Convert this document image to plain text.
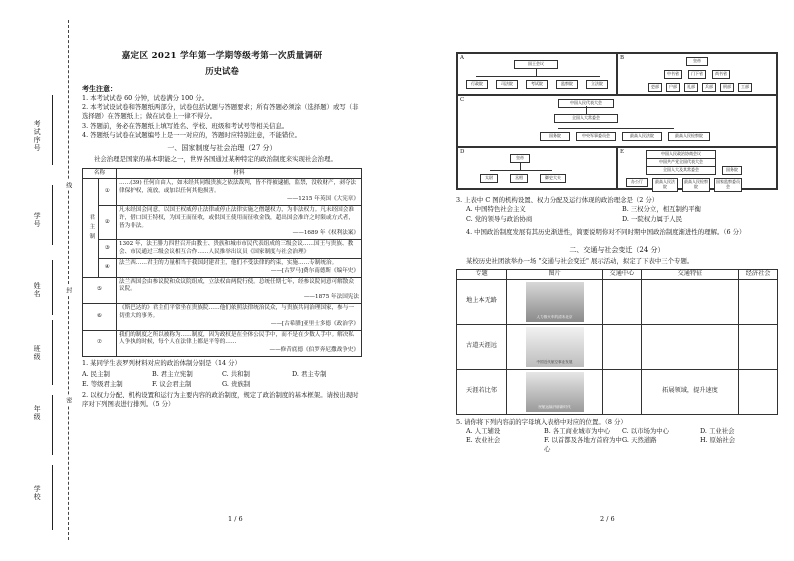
考试序号
学号
姓名
班级
年级
学校
线
封
密
嘉定区 2021 学年第一学期等级考第一次质量调研
历史试卷
考生注意：

1. 本考试试卷 60 分钟，试卷满分 100 分。

2. 本考试设试卷和答题纸两部分，试卷包括试题与答题要求；所有答题必须涂（选择题）或写（非选择题）在答题纸上；做在试卷上一律不得分。

3. 答题前，务必在答题纸上填写姓名、学校、班级和考试号等相关信息。

4. 答题纸与试卷在试题编号上是一一对应的，答题时应特别注意，不能错位。

一、国家制度与社会治理（27 分）

社会治理是国家的基本职能之一，世界各国通过某种特定的政治制度来实现社会治理。

名称		材料
君主制	①	……(39) 任何自由人，如未经其同级贵族之依法裁判，皆不得被逮捕，监禁，没收财产，剥夺法律保护权，流放，或加以任何其他损害。
——1215 年英国《大宪章》

	②	凡未经国会同意，以国王权威停止法律或停止法律实施之僭越权力，为非法权力。凡未经国会准许，借口国王特权，为国王而征收，或供国王使用而征收金钱，超出国会准许之时限或方式者，皆为非法。
——1689 年《权利法案》

	③	1302 年，法王腓力四世召开由教士、贵族和城市市民代表组成的三级会议……国王与贵族、教会、市民通过三级会议相互合作……人民推举出议员《国家制度与社会治理》
	④	法兰西……君主的力量相当于我国封建君主，他们不受法律的约束，实施……专制统治。
——[古罗马]费尔南德斯《编年史》

⑤		法兰西国会由参议院和众议院组成，立法权由两院行使。总统任期七年，经参议院同意可解散众议院。
——1875 年法国宪法

⑥		《斯巴达的》君主们平常坐在贵族院……他们依照法律统治民众，与贵族共同治理国家，参与一切重大的事务。
——[古希腊]亚里士多德《政治学》

⑦		我们的制度之所以被称为……制度，因为政权是在全体公民手中，而不是在少数人手中。解决私人争执的时候，每个人在法律上都是平等的……
——修昔底德《伯罗奔尼撒战争史》

1. 某同学生表罗列材料对应的政治体制分别是（14 分）

A. 民主制	B. 君主立宪制	C. 共和制	D. 君主专制
E. 等级君主制	F. 议会君主制	G. 贵族制

2. 以权力分配、机构设置和运行为主要内容的政治制度，规定了政治制度的基本框架。请按出现时序对下列图表进行排列。（5 分）

1 / 6
A
国王会议
行政院	司法院	考试院	监察院	立法院
B	皇帝
中书省	门下省	尚书省
吏部	户部	礼部	兵部	刑部	工部
C	中国人民代表大会
全国人大常委会
国务院	中央军事委员会	最高人民法院	最高人民检察院
D
皇帝
太尉	丞相	御史大夫
E	中国人民政治协商会议
中国共产党全国代表大会
全国人大及其常委会	国务院
办公厅	最高人民法院
最高人民检察院
国家监察委员会

3. 上表中 C 图的机构设置、权力分配及运行体现的政治理念是（2 分）

A. 中国特色社会主义	B. 三权分立，相互制约平衡
C. 党的领导与政治协商	D. 一院权力属于人民

4. 中国政治制度发展有其历史渐进性，简要说明你对不同时期中国政治制度渐进性的理解。（6 分）

二、交通与社会变迁（24 分）

某校历史社团欲举办一场 "交通与社会变迁" 展示活动，拟定了下表中三个专题。

专题	图片	交通中心	交通特征	经济社会
地上本无路	人力推火车的清末北京			

古道天涯远	中国近代航空事业发展			

天涯若比邻	民航运输开辟新时代		拓展领域，提升速度	

5. 请你将下列内容前的字母填入表格中对应的位置。（8 分）

A. 人工辅设	B. 各工商业城市为中心	C. 以市场为中心	D. 工业社会
E. 农业社会	F. 以首都及各地方首府为中心
G. 天然道路	H. 原始社会
2 / 6
